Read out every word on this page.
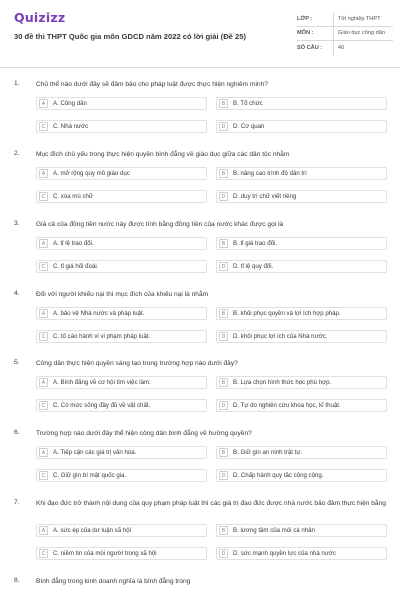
Quizizz
30 đề thi THPT Quốc gia môn GDCD năm 2022 có lời giải (Đề 25)
LỚP :	Tốt nghiệp THPT
MÔN :	Giáo dục công dân
SỐ CÂU :	40
1.	Chủ thể nào dưới đây sẽ đảm bảo cho pháp luật được thực hiện nghiêm minh?
A	A. Công dân	B	B. Tổ chức
C	C. Nhà nước	D	D. Cơ quan
2.	Mục đích chủ yếu trong thực hiện quyền bình đẳng về giáo dục giữa các dân tộc nhằm
A	A. mở rộng quy mô giáo dục	B	B. nâng cao trình độ dân trí
C	C. xóa mù chữ	D	D. duy trì chữ viết riêng
3.	Giá cả của đồng tiền nước này được tính bằng đồng tiền của nước khác được gọi là
A	A. tỉ lệ trao đổi.	B	B. tỉ giá trao đổi.
C	C. tỉ giá hối đoái.	D	D. tỉ lệ quy đổi.
4.	Đối với người khiếu nại thì mục đích của khiếu nại là nhằm
A	A. bảo vệ Nhà nước và pháp luật.	B	B. khôi phục quyền và lợi ích hợp pháp.
C	C. tố cáo hành vi vi phạm pháp luật.	D	D. khôi phục lợi ích của Nhà nước.
5.	Công dân thực hiện quyền sáng tạo trong trường hợp nào dưới đây?
A	A. Bình đẳng về cơ hội tìm việc làm.	B	B. Lựa chọn hình thức học phù hợp.
C	C. Có mức sống đầy đủ về vật chất.	D	D. Tự do nghiên cứu khoa học, kĩ thuật.
6.	Trường hợp nào dưới đây thể hiện công dân bình đẳng về hưởng quyền?
A	A. Tiếp cận các giá trị văn hóa.	B	B. Giữ gìn an ninh trật tự.
C	C. Giữ gìn bí mật quốc gia.	D	D. Chấp hành quy tắc công cộng.
7.	Khi đạo đức trở thành nội dung của quy phạm pháp luật thì các giá trị đạo đức được nhà nước bảo đảm thực hiện bằng
A	A. sức ép của dư luận xã hội	B	B. lương tâm của mỗi cá nhân
C	C. niềm tin của mỗi người trong xã hội	D	D. sức mạnh quyền lực của nhà nước
8.	Bình đẳng trong kinh doanh nghĩa là bình đẳng trong
